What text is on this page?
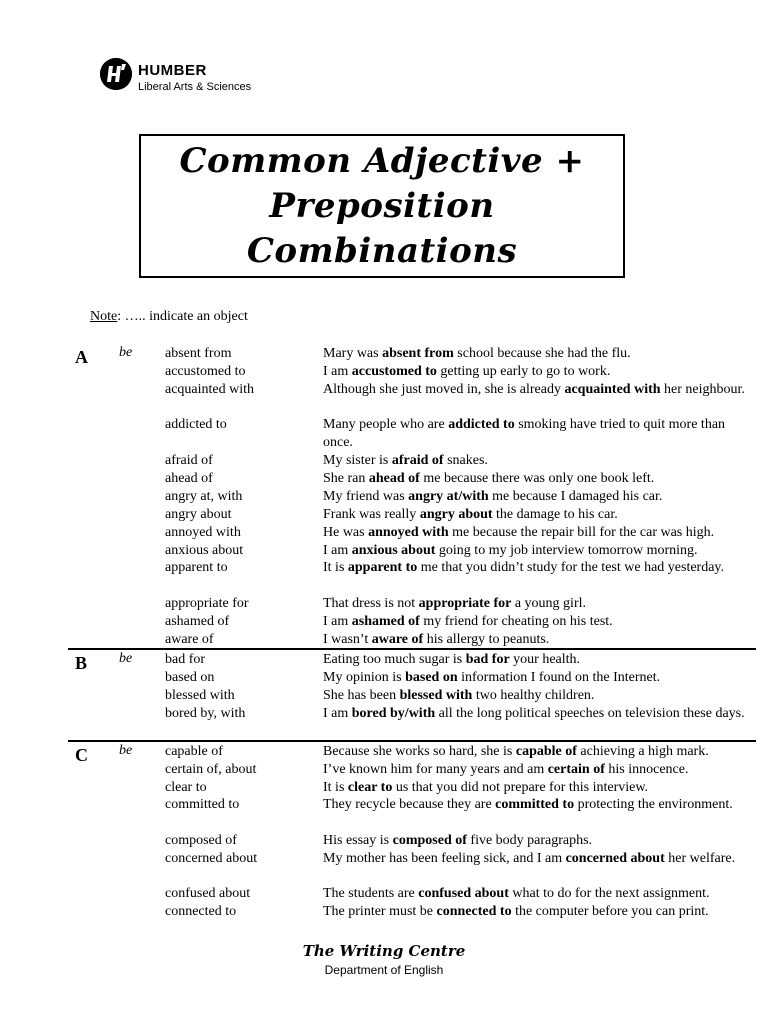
HUMBER
Liberal Arts & Sciences
Common Adjective +
Preposition
Combinations
Note: ….. indicate an object
A be absent from	Mary was absent from school because she had the flu.
accustomed to	I am accustomed to getting up early to go to work.
acquainted with	Although she just moved in, she is already acquainted with her neighbour.
addicted to	Many people who are addicted to smoking have tried to quit more than once.
afraid of	My sister is afraid of snakes.
ahead of	She ran ahead of me because there was only one book left.
angry at, with	My friend was angry at/with me because I damaged his car.
angry about	Frank was really angry about the damage to his car.
annoyed with	He was annoyed with me because the repair bill for the car was high.
anxious about	I am anxious about going to my job interview tomorrow morning.
apparent to	It is apparent to me that you didn’t study for the test we had yesterday.
appropriate for	That dress is not appropriate for a young girl.
ashamed of	I am ashamed of my friend for cheating on his test.
aware of	I wasn’t aware of his allergy to peanuts.
B be bad for	Eating too much sugar is bad for your health.
based on	My opinion is based on information I found on the Internet.
blessed with	She has been blessed with two healthy children.
bored by, with	I am bored by/with all the long political speeches on television these days.
C be capable of	Because she works so hard, she is capable of achieving a high mark.
certain of, about	I’ve known him for many years and am certain of his innocence.
clear to	It is clear to us that you did not prepare for this interview.
committed to	They recycle because they are committed to protecting the environment.
composed of	His essay is composed of five body paragraphs.
concerned about	My mother has been feeling sick, and I am concerned about her welfare.
confused about	The students are confused about what to do for the next assignment.
connected to	The printer must be connected to the computer before you can print.
The Writing Centre
Department of English
